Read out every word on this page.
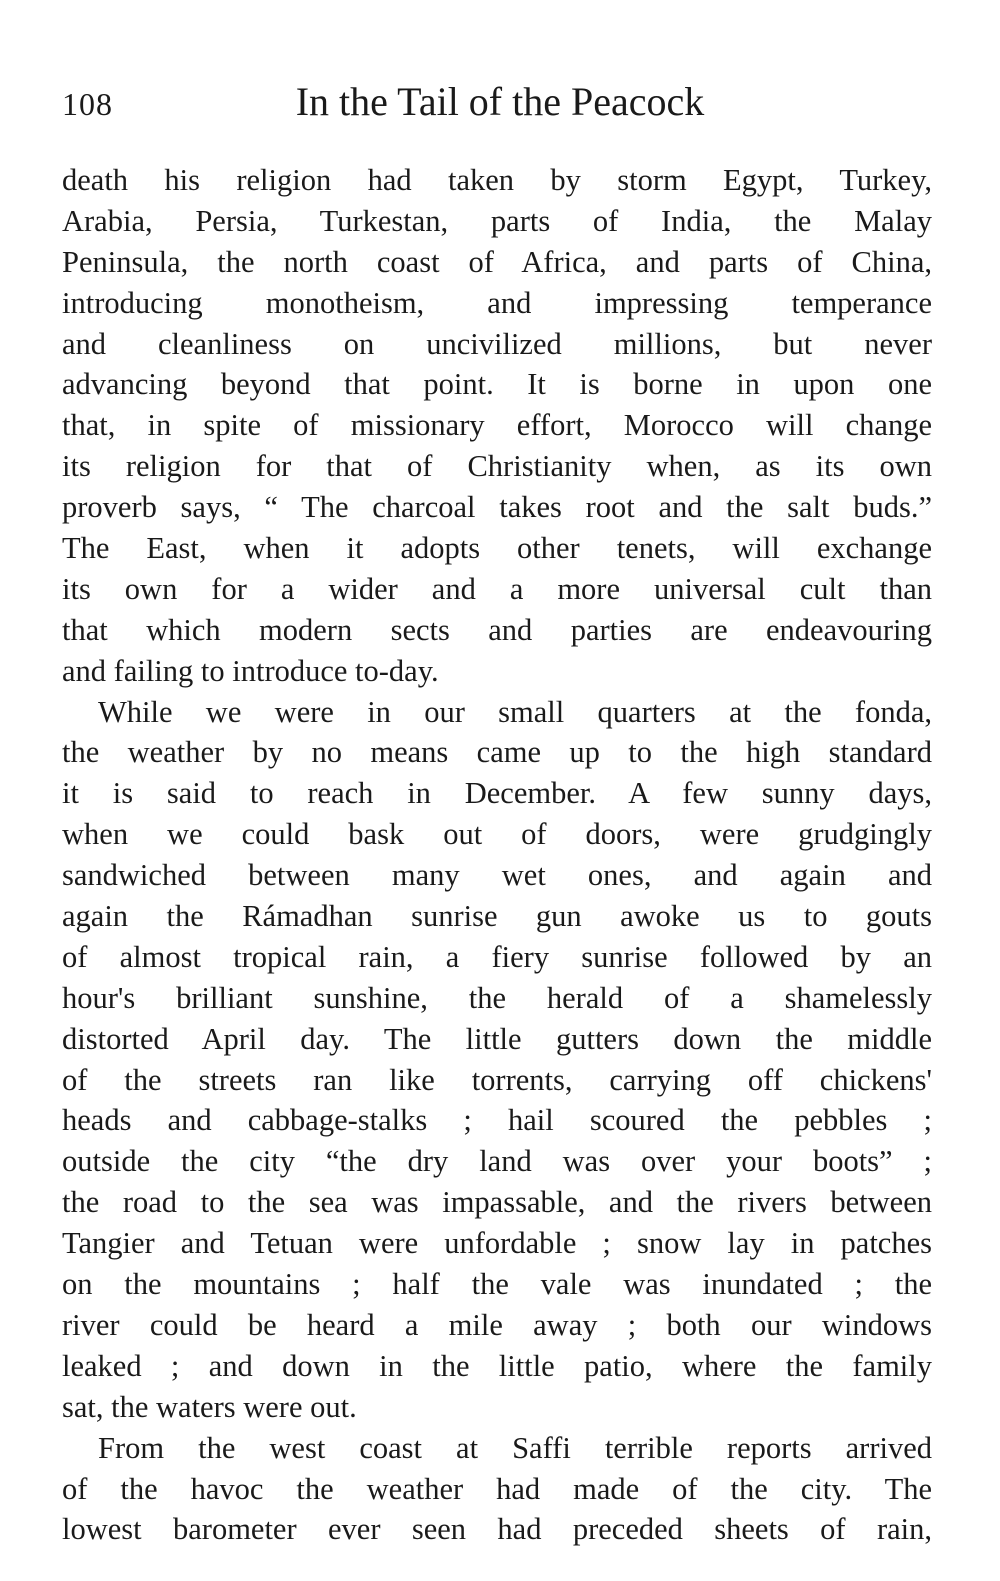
108	In the Tail of the Peacock
death his religion had taken by storm Egypt, Turkey,
Arabia, Persia, Turkestan, parts of India, the Malay
Peninsula, the north coast of Africa, and parts of China,
introducing monotheism, and impressing temperance
and cleanliness on uncivilized millions, but never
advancing beyond that point. It is borne in upon one
that, in spite of missionary effort, Morocco will change
its religion for that of Christianity when, as its own
proverb says, “ The charcoal takes root and the salt buds.”
The East, when it adopts other tenets, will exchange
its own for a wider and a more universal cult than
that which modern sects and parties are endeavouring
and failing to introduce to-day.
While we were in our small quarters at the fonda,
the weather by no means came up to the high standard
it is said to reach in December. A few sunny days,
when we could bask out of doors, were grudgingly
sandwiched between many wet ones, and again and
again the Rámadhan sunrise gun awoke us to gouts
of almost tropical rain, a fiery sunrise followed by an
hour's brilliant sunshine, the herald of a shamelessly
distorted April day. The little gutters down the middle
of the streets ran like torrents, carrying off chickens'
heads and cabbage-stalks ; hail scoured the pebbles ;
outside the city “the dry land was over your boots” ;
the road to the sea was impassable, and the rivers between
Tangier and Tetuan were unfordable ; snow lay in patches
on the mountains ; half the vale was inundated ; the
river could be heard a mile away ; both our windows
leaked ; and down in the little patio, where the family
sat, the waters were out.
From the west coast at Saffi terrible reports arrived
of the havoc the weather had made of the city. The
lowest barometer ever seen had preceded sheets of rain,
